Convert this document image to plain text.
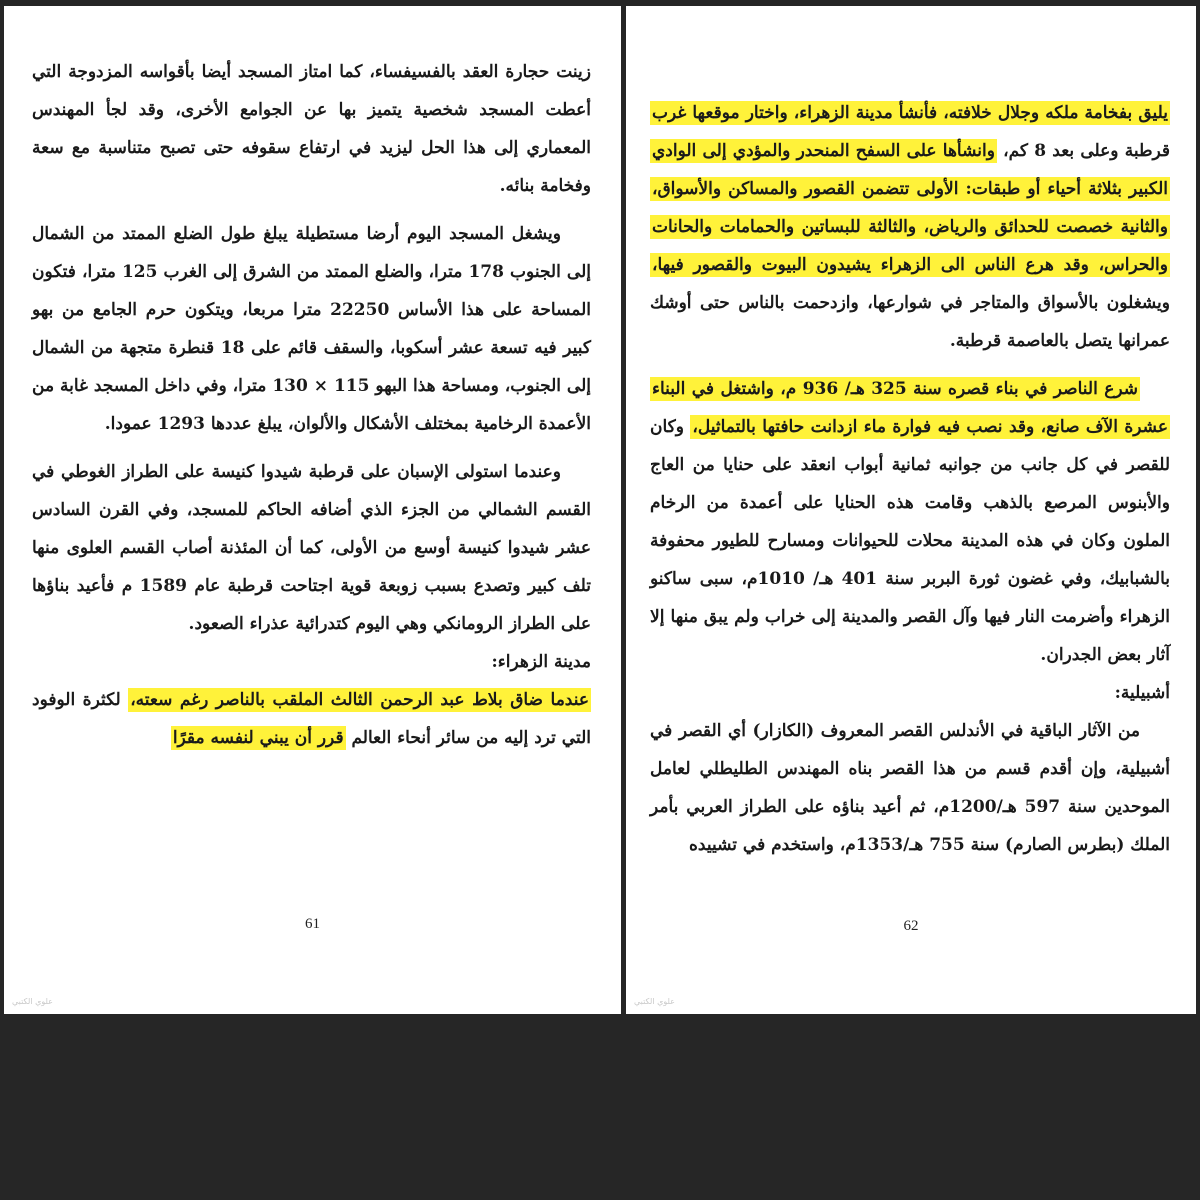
زينت حجارة العقد بالفسيفساء، كما امتاز المسجد أيضا بأقواسه المزدوجة التي أعطت المسجد شخصية يتميز بها عن الجوامع الأخرى، وقد لجأ المهندس المعماري إلى هذا الحل ليزيد في ارتفاع سقوفه حتى تصبح متناسبة مع سعة وفخامة بنائه.

ويشغل المسجد اليوم أرضا مستطيلة يبلغ طول الضلع الممتد من الشمال إلى الجنوب 178 مترا، والضلع الممتد من الشرق إلى الغرب 125 مترا، فتكون المساحة على هذا الأساس 22250 مترا مربعا، ويتكون حرم الجامع من بهو كبير فيه تسعة عشر أسكوبا، والسقف قائم على 18 قنطرة متجهة من الشمال إلى الجنوب، ومساحة هذا البهو 115 × 130 مترا، وفي داخل المسجد غابة من الأعمدة الرخامية بمختلف الأشكال والألوان، يبلغ عددها 1293 عمودا.

وعندما استولى الإسبان على قرطبة شيدوا كنيسة على الطراز الغوطي في القسم الشمالي من الجزء الذي أضافه الحاكم للمسجد، وفي القرن السادس عشر شيدوا كنيسة أوسع من الأولى، كما أن المئذنة أصاب القسم العلوى منها تلف كبير وتصدع بسبب زوبعة قوية اجتاحت قرطبة عام 1589 م فأعيد بناؤها على الطراز الرومانكي وهي اليوم كتدرائية عذراء الصعود.

مدينة الزهراء:

عندما ضاق بلاط عبد الرحمن الثالث الملقب بالناصر رغم سعته، لكثرة الوفود التي ترد إليه من سائر أنحاء العالم قرر أن يبني لنفسه مقرًا

61
علوي الكتبي

يليق بفخامة ملكه وجلال خلافته، فأنشأ مدينة الزهراء، واختار موقعها غرب قرطبة وعلى بعد 8 كم، وانشأها على السفح المنحدر والمؤدي إلى الوادي الكبير بثلاثة أحياء أو طبقات: الأولى تتضمن القصور والمساكن والأسواق، والثانية خصصت للحدائق والرياض، والثالثة للبساتين والحمامات والحانات والحراس، وقد هرع الناس الى الزهراء يشيدون البيوت والقصور فيها، ويشغلون بالأسواق والمتاجر في شوارعها، وازدحمت بالناس حتى أوشك عمرانها يتصل بالعاصمة قرطبة.

شرع الناصر في بناء قصره سنة 325 هـ/ 936 م، واشتغل في البناء عشرة الآف صانع، وقد نصب فيه فوارة ماء ازدانت حافتها بالتماثيل، وكان للقصر في كل جانب من جوانبه ثمانية أبواب انعقد على حنايا من العاج والأبنوس المرصع بالذهب وقامت هذه الحنايا على أعمدة من الرخام الملون وكان في هذه المدينة محلات للحيوانات ومسارح للطيور محفوفة بالشبابيك، وفي غضون ثورة البربر سنة 401 هـ/ 1010م، سبى ساكنو الزهراء وأضرمت النار فيها وآل القصر والمدينة إلى خراب ولم يبق منها إلا آثار بعض الجدران.

أشبيلية:

من الآثار الباقية في الأندلس القصر المعروف (الكازار) أي القصر في أشبيلية، وإن أقدم قسم من هذا القصر بناه المهندس الطليطلي لعامل الموحدين سنة 597 هـ/1200م، ثم أعيد بناؤه على الطراز العربي بأمر الملك (بطرس الصارم) سنة 755 هـ/1353م، واستخدم في تشييده

62
علوي الكتبي
